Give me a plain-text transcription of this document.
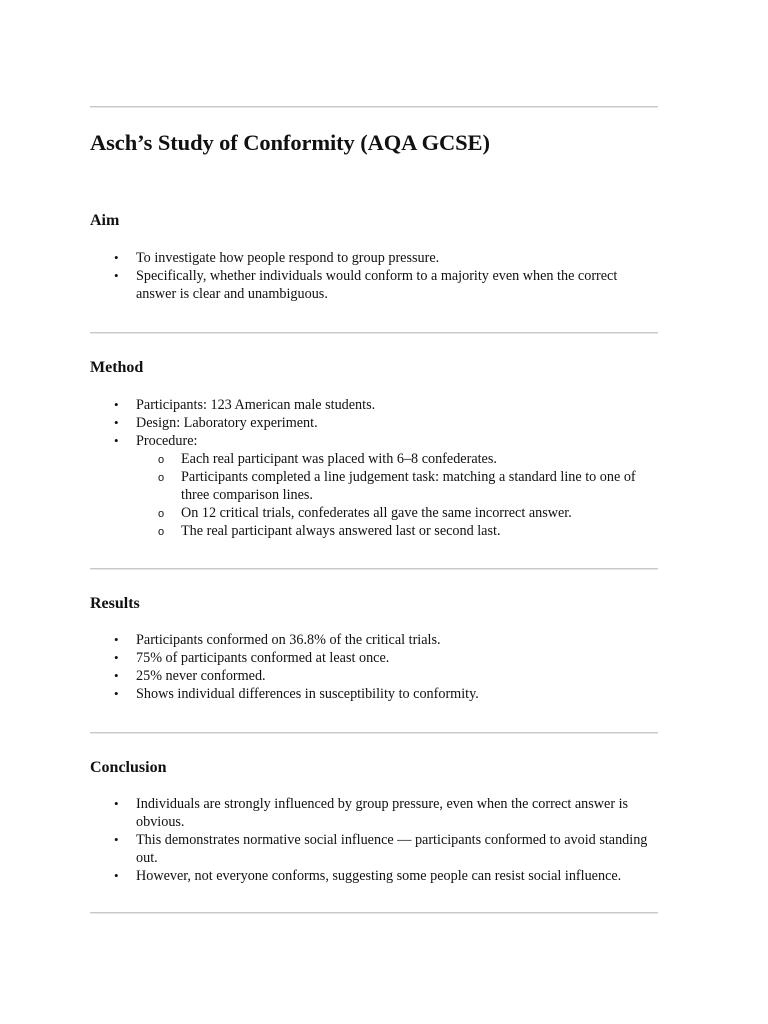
Asch’s Study of Conformity (AQA GCSE)
Aim
• To investigate how people respond to group pressure.
• Specifically, whether individuals would conform to a majority even when the correct answer is clear and unambiguous.
Method
• Participants: 123 American male students.
• Design: Laboratory experiment.
• Procedure:
o Each real participant was placed with 6–8 confederates.
o Participants completed a line judgement task: matching a standard line to one of three comparison lines.
o On 12 critical trials, confederates all gave the same incorrect answer.
o The real participant always answered last or second last.
Results
• Participants conformed on 36.8% of the critical trials.
• 75% of participants conformed at least once.
• 25% never conformed.
• Shows individual differences in susceptibility to conformity.
Conclusion
• Individuals are strongly influenced by group pressure, even when the correct answer is obvious.
• This demonstrates normative social influence — participants conformed to avoid standing out.
• However, not everyone conforms, suggesting some people can resist social influence.
